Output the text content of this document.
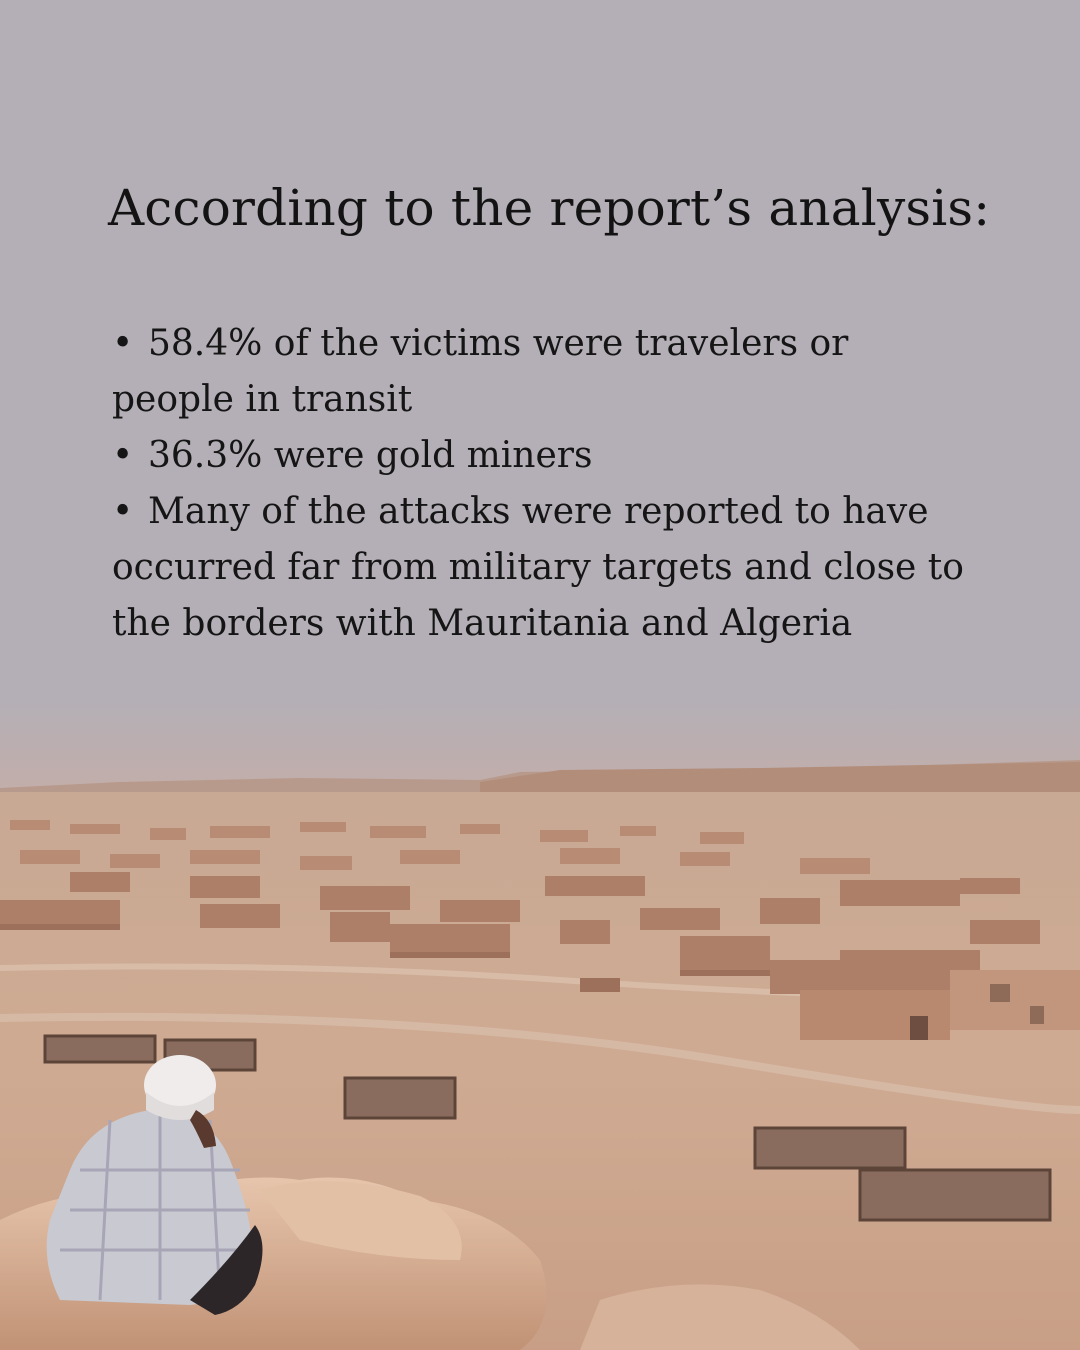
According to the report’s analysis:
• 58.4% of the victims were travelers or people in transit
• 36.3% were gold miners
• Many of the attacks were reported to have occurred far from military targets and close to the borders with Mauritania and Algeria
